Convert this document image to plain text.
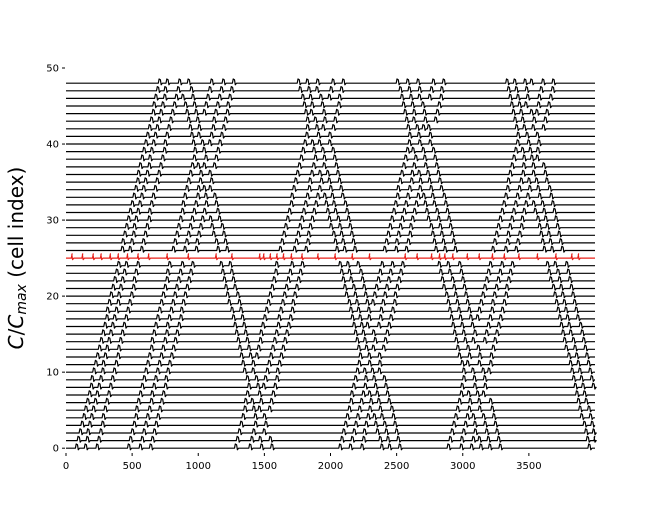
0
10
20
30
40
50
0	500	1000	1500	2000	2500	3000	3500
$C/C_{max}$ (cell index)
